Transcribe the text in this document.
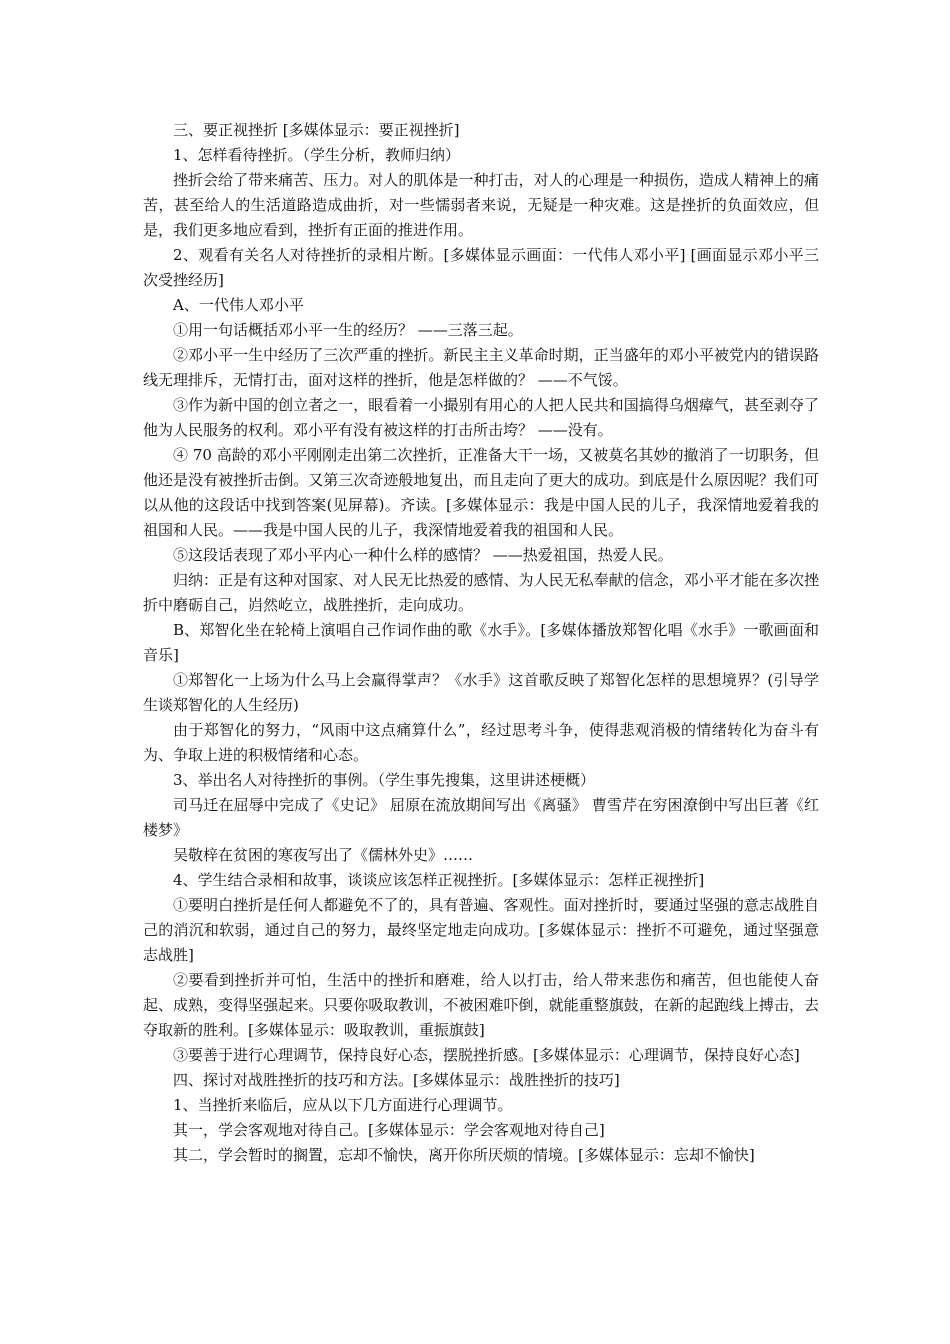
三、要正视挫折 [多媒体显示：要正视挫折]

1、怎样看待挫折。（学生分析，教师归纳）

挫折会给了带来痛苦、压力。对人的肌体是一种打击，对人的心理是一种损伤，造成人精神上的痛苦，甚至给人的生活道路造成曲折，对一些懦弱者来说，无疑是一种灾难。这是挫折的负面效应，但是，我们更多地应看到，挫折有正面的推进作用。

2、观看有关名人对待挫折的录相片断。[多媒体显示画面：一代伟人邓小平] [画面显示邓小平三次受挫经历]

A、一代伟人邓小平

①用一句话概括邓小平一生的经历？ ——三落三起。

②邓小平一生中经历了三次严重的挫折。新民主主义革命时期，正当盛年的邓小平被党内的错误路线无理排斥，无情打击，面对这样的挫折，他是怎样做的？ ——不气馁。

③作为新中国的创立者之一，眼看着一小撮别有用心的人把人民共和国搞得乌烟瘴气，甚至剥夺了他为人民服务的权利。邓小平有没有被这样的打击所击垮？ ——没有。

④ 70 高龄的邓小平刚刚走出第二次挫折，正准备大干一场，又被莫名其妙的撤消了一切职务，但他还是没有被挫折击倒。又第三次奇迹般地复出，而且走向了更大的成功。到底是什么原因呢？我们可以从他的这段话中找到答案(见屏幕)。齐读。[多媒体显示：我是中国人民的儿子，我深情地爱着我的祖国和人民。——我是中国人民的儿子，我深情地爱着我的祖国和人民。

⑤这段话表现了邓小平内心一种什么样的感情？ ——热爱祖国，热爱人民。

归纳：正是有这种对国家、对人民无比热爱的感情、为人民无私奉献的信念，邓小平才能在多次挫折中磨砺自己，岿然屹立，战胜挫折，走向成功。

B、郑智化坐在轮椅上演唱自己作词作曲的歌《水手》。[多媒体播放郑智化唱《水手》一歌画面和音乐]

①郑智化一上场为什么马上会赢得掌声？《水手》这首歌反映了郑智化怎样的思想境界？(引导学生谈郑智化的人生经历)

由于郑智化的努力，“风雨中这点痛算什么”，经过思考斗争，使得悲观消极的情绪转化为奋斗有为、争取上进的积极情绪和心态。

3、举出名人对待挫折的事例。（学生事先搜集，这里讲述梗概）

司马迁在屈辱中完成了《史记》 屈原在流放期间写出《离骚》 曹雪芹在穷困潦倒中写出巨著《红楼梦》

吴敬梓在贫困的寒夜写出了《儒林外史》……

4、学生结合录相和故事，谈谈应该怎样正视挫折。[多媒体显示：怎样正视挫折]

①要明白挫折是任何人都避免不了的，具有普遍、客观性。面对挫折时，要通过坚强的意志战胜自己的消沉和软弱，通过自己的努力，最终坚定地走向成功。[多媒体显示：挫折不可避免，通过坚强意志战胜]

②要看到挫折并可怕，生活中的挫折和磨难，给人以打击，给人带来悲伤和痛苦，但也能使人奋起、成熟，变得坚强起来。只要你吸取教训，不被困难吓倒，就能重整旗鼓，在新的起跑线上搏击，去夺取新的胜利。[多媒体显示：吸取教训，重振旗鼓]

③要善于进行心理调节，保持良好心态，摆脱挫折感。[多媒体显示：心理调节，保持良好心态]

四、探讨对战胜挫折的技巧和方法。[多媒体显示：战胜挫折的技巧]

1、当挫折来临后，应从以下几方面进行心理调节。

其一，学会客观地对待自己。[多媒体显示：学会客观地对待自己]

其二，学会暂时的搁置，忘却不愉快，离开你所厌烦的情境。[多媒体显示：忘却不愉快]
